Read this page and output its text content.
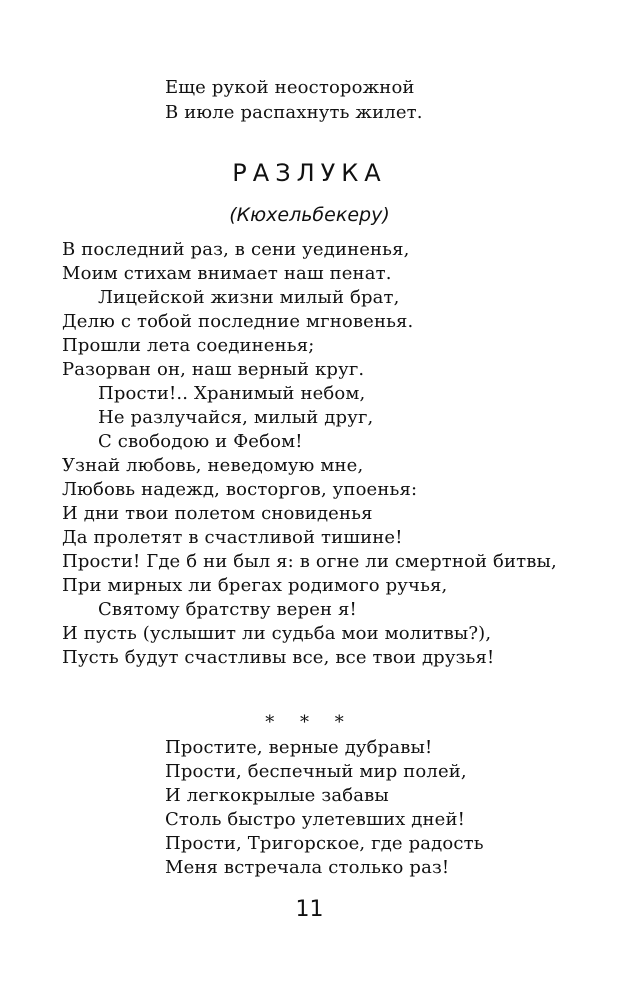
Еще рукой неосторожной
В июле распахнуть жилет.
РАЗЛУКА
(Кюхельбекеру)
В последний раз, в сени уединенья,
Моим стихам внимает наш пенат.
Лицейской жизни милый брат,
Делю с тобой последние мгновенья.
Прошли лета соединенья;
Разорван он, наш верный круг.
Прости!.. Хранимый небом,
Не разлучайся, милый друг,
С свободою и Фебом!
Узнай любовь, неведомую мне,
Любовь надежд, восторгов, упоенья:
И дни твои полетом сновиденья
Да пролетят в счастливой тишине!
Прости! Где б ни был я: в огне ли смертной битвы,
При мирных ли брегах родимого ручья,
Святому братству верен я!
И пусть (услышит ли судьба мои молитвы?),
Пусть будут счастливы все, все твои друзья!
* * *
Простите, верные дубравы!
Прости, беспечный мир полей,
И легкокрылые забавы
Столь быстро улетевших дней!
Прости, Тригорское, где радость
Меня встречала столько раз!
11
